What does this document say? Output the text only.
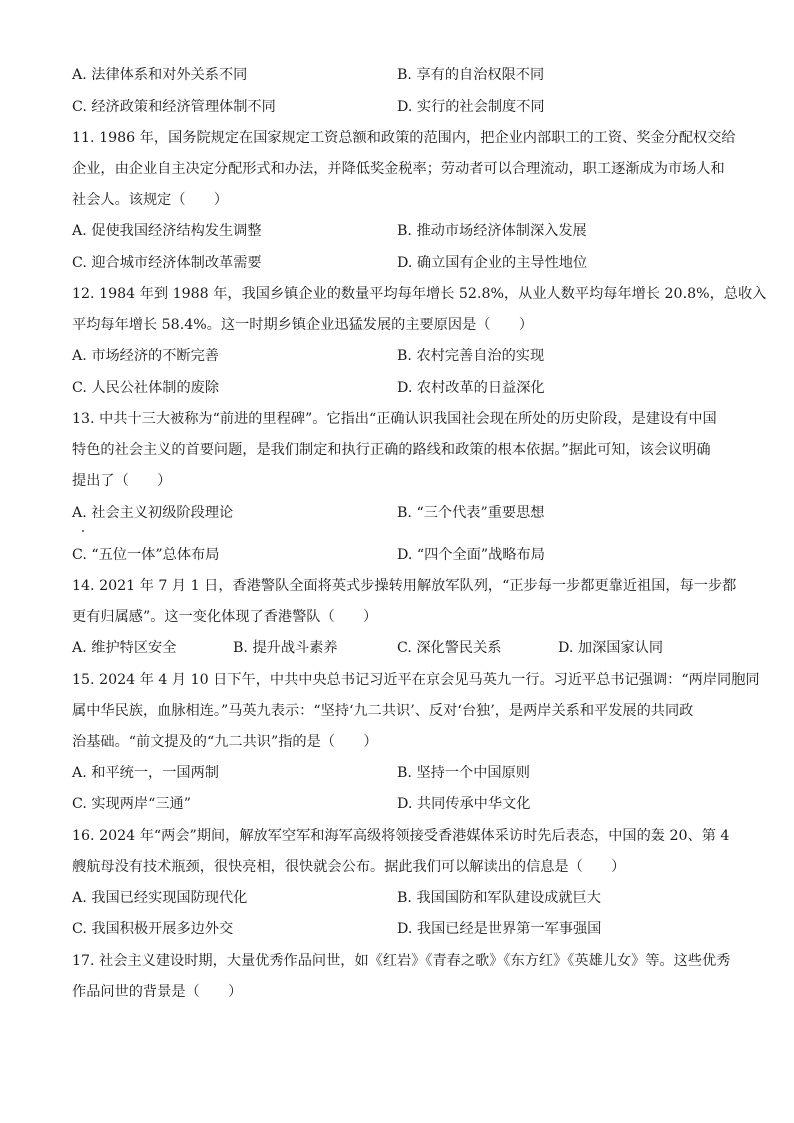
A. 法律体系和对外关系不同	B. 享有的自治权限不同
C. 经济政策和经济管理体制不同	D. 实行的社会制度不同
11. 1986 年，国务院规定在国家规定工资总额和政策的范围内，把企业内部职工的工资、奖金分配权交给
企业，由企业自主决定分配形式和办法，并降低奖金税率；劳动者可以合理流动，职工逐渐成为市场人和
社会人。该规定（　　）
A. 促使我国经济结构发生调整	B. 推动市场经济体制深入发展
C. 迎合城市经济体制改革需要	D. 确立国有企业的主导性地位
12. 1984 年到 1988 年，我国乡镇企业的数量平均每年增长 52.8%，从业人数平均每年增长 20.8%，总收入
平均每年增长 58.4%。这一时期乡镇企业迅猛发展的主要原因是（　　）
A. 市场经济的不断完善	B. 农村完善自治的实现
C. 人民公社体制的废除	D. 农村改革的日益深化
13. 中共十三大被称为“前进的里程碑”。它指出“正确认识我国社会现在所处的历史阶段，是建设有中国
特色的社会主义的首要问题，是我们制定和执行正确的路线和政策的根本依据。”据此可知，该会议明确
提出了（　　）
A. 社会主义初级阶段理论	B. “三个代表”重要思想
C. “五位一体”总体布局	D. “四个全面”战略布局
14. 2021 年 7 月 1 日，香港警队全面将英式步操转用解放军队列，“正步每一步都更靠近祖国，每一步都
更有归属感”。这一变化体现了香港警队（　　）
A. 维护特区安全	B. 提升战斗素养	C. 深化警民关系	D. 加深国家认同
15. 2024 年 4 月 10 日下午，中共中央总书记习近平在京会见马英九一行。习近平总书记强调：“两岸同胞同
属中华民族，血脉相连。”马英九表示：“坚持‘九二共识’、反对‘台独’，是两岸关系和平发展的共同政
治基础。“前文提及的“九二共识”指的是（　　）
A. 和平统一，一国两制	B. 坚持一个中国原则
C. 实现两岸“三通”	D. 共同传承中华文化
16. 2024 年“两会”期间，解放军空军和海军高级将领接受香港媒体采访时先后表态，中国的轰 20、第 4
艘航母没有技术瓶颈，很快亮相，很快就会公布。据此我们可以解读出的信息是（　　）
A. 我国已经实现国防现代化	B. 我国国防和军队建设成就巨大
C. 我国积极开展多边外交	D. 我国已经是世界第一军事强国
17. 社会主义建设时期，大量优秀作品问世，如《红岩》《青春之歌》《东方红》《英雄儿女》等。这些优秀
作品问世的背景是（　　）
